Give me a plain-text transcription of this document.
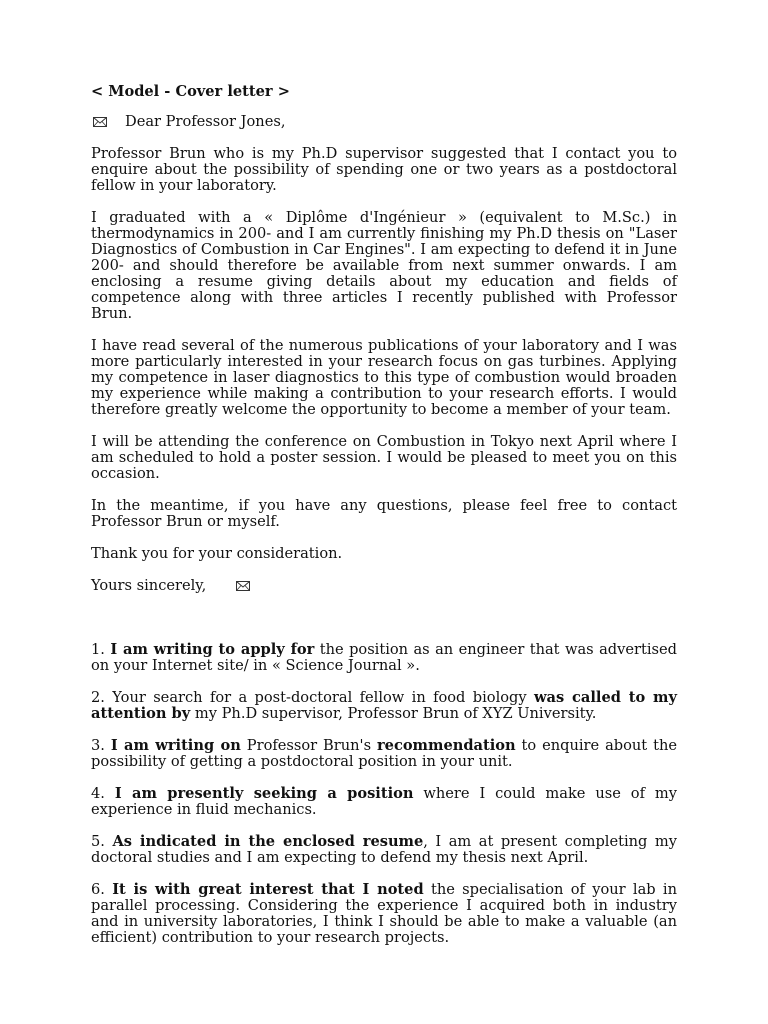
< Model - Cover letter >
Dear Professor Jones,

Professor Brun who is my Ph.D supervisor suggested that I contact you to enquire about the possibility of spending one or two years as a postdoctoral fellow in your laboratory.

I graduated with a « Diplôme d'Ingénieur » (equivalent to M.Sc.) in thermodynamics in 200- and I am currently finishing my Ph.D thesis on "Laser Diagnostics of Combustion in Car Engines". I am expecting to defend it in June 200- and should therefore be available from next summer onwards. I am enclosing a resume giving details about my education and fields of competence along with three articles I recently published with Professor Brun.

I have read several of the numerous publications of your laboratory and I was more particularly interested in your research focus on gas turbines. Applying my competence in laser diagnostics to this type of combustion would broaden my experience while making a contribution to your research efforts. I would therefore greatly welcome the opportunity to become a member of your team.

I will be attending the conference on Combustion in Tokyo next April where I am scheduled to hold a poster session. I would be pleased to meet you on this occasion.

In the meantime, if you have any questions, please feel free to contact Professor Brun or myself.

Thank you for your consideration.
Yours sincerely,

1. I am writing to apply for the position as an engineer that was advertised on your Internet site/ in « Science Journal ».

2. Your search for a post-doctoral fellow in food biology was called to my attention by my Ph.D supervisor, Professor Brun of XYZ University.

3. I am writing on Professor Brun's recommendation to enquire about the possibility of getting a postdoctoral position in your unit.

4. I am presently seeking a position where I could make use of my experience in fluid mechanics.

5. As indicated in the enclosed resume, I am at present completing my doctoral studies and I am expecting to defend my thesis next April.

6. It is with great interest that I noted the specialisation of your lab in parallel processing. Considering the experience I acquired both in industry and in university laboratories, I think I should be able to make a valuable (an efficient) contribution to your research projects.
